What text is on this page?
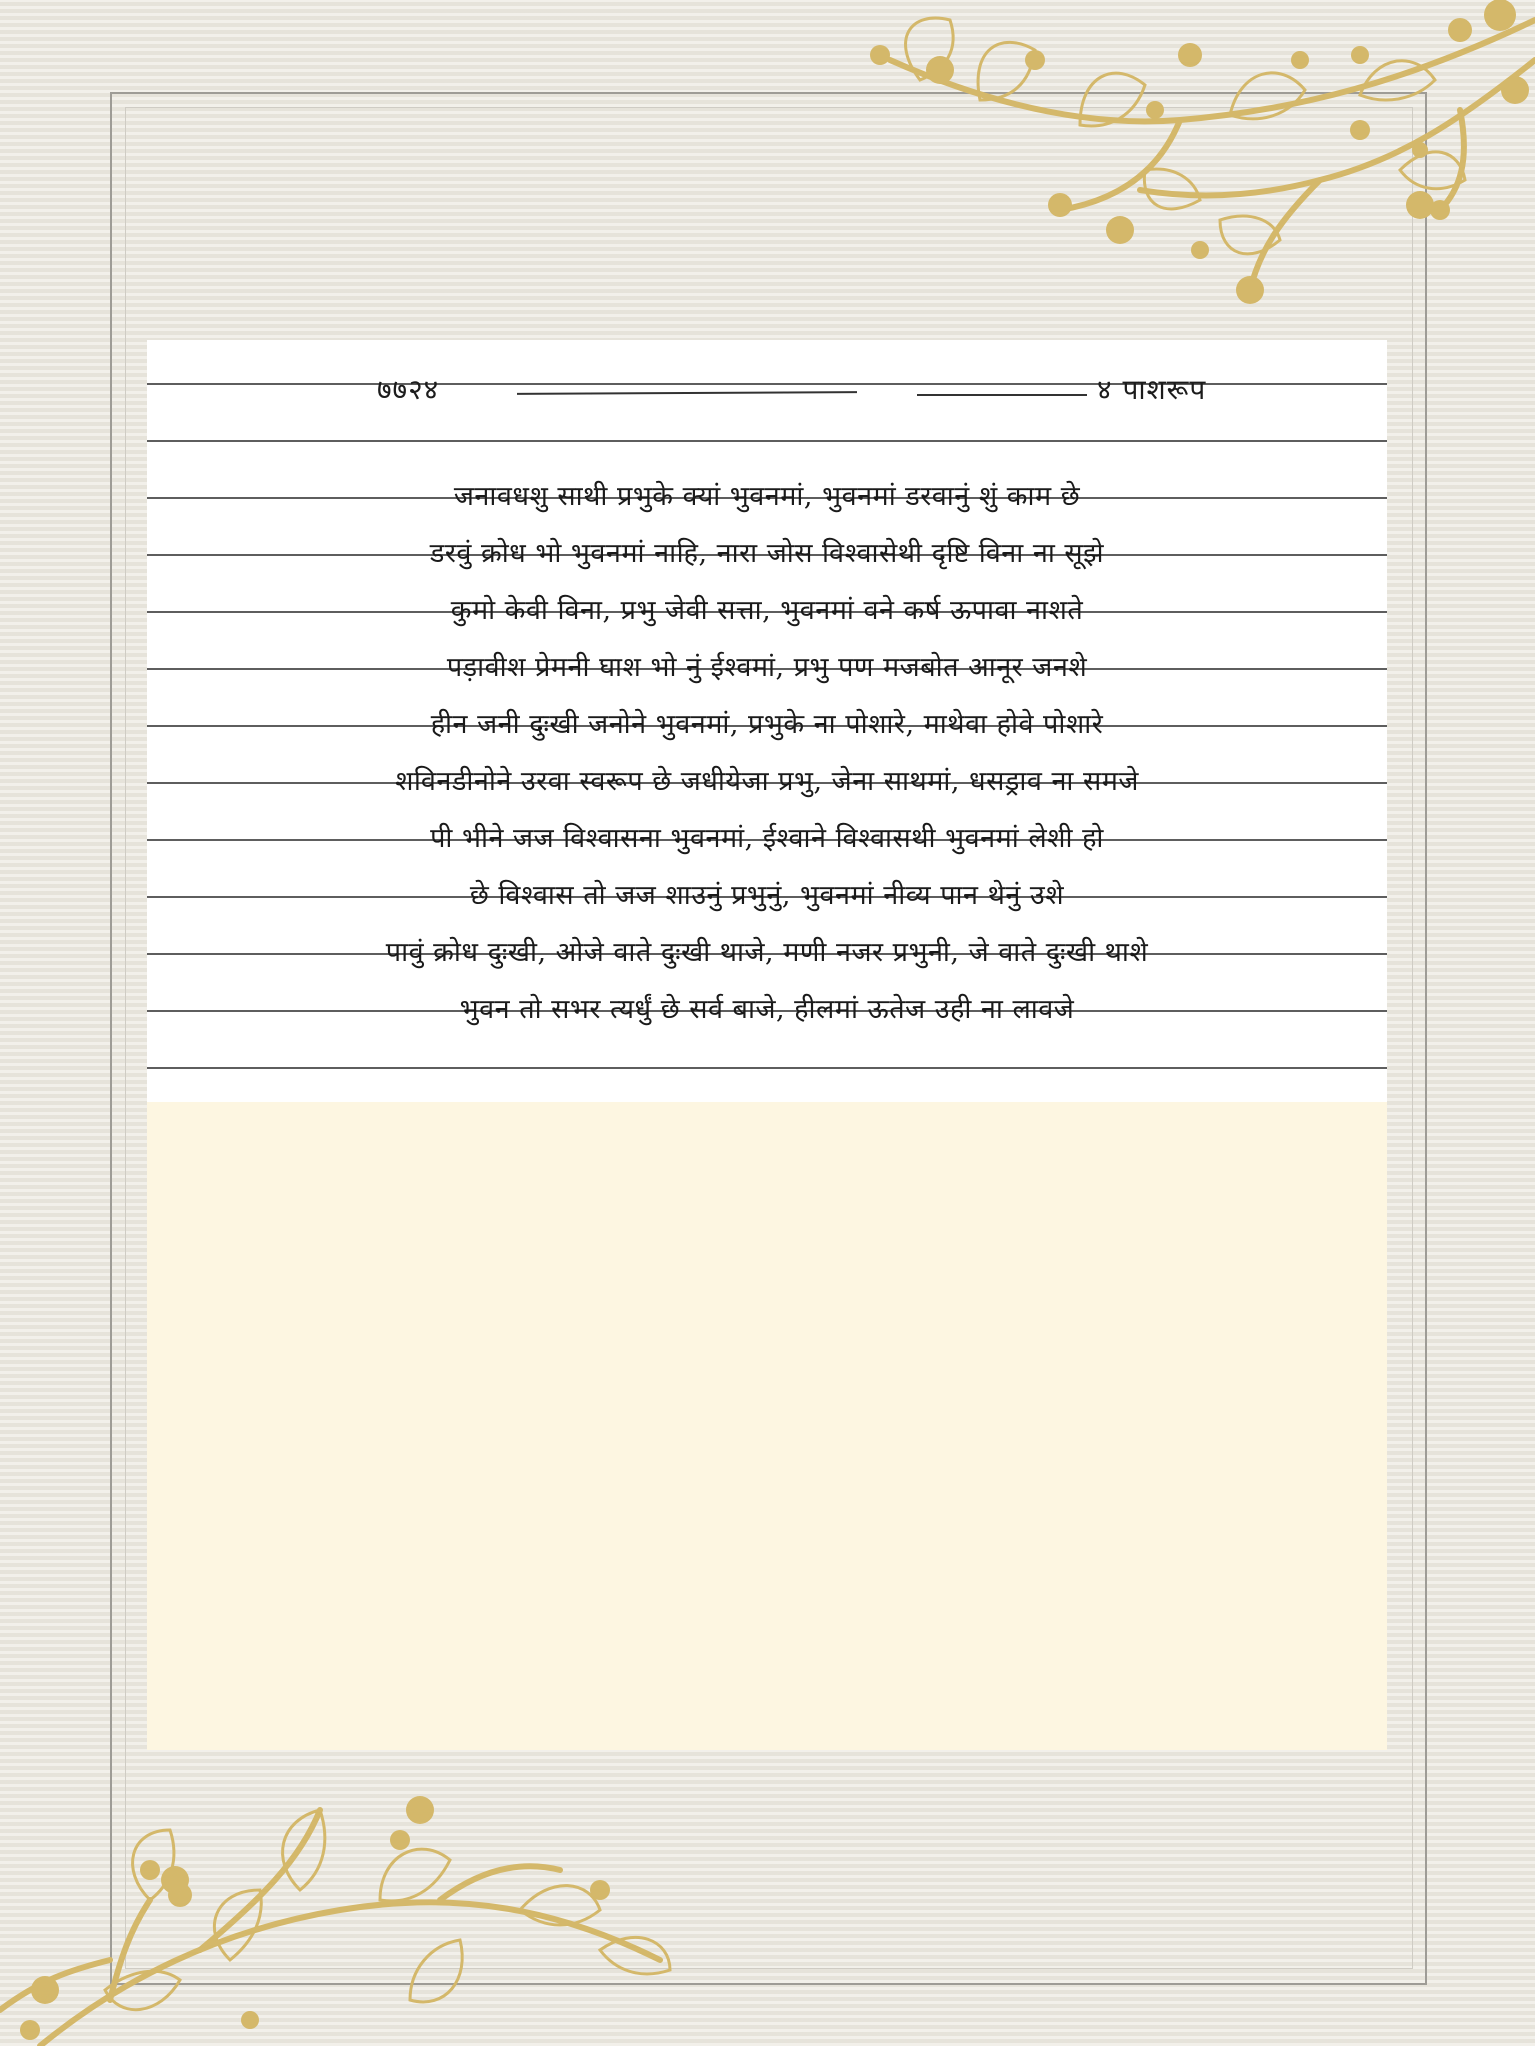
७७२४	४ पाशरूप
जनावधशु साथी प्रभुके क्यां भुवनमां, भुवनमां डरवानुं शुं काम छे
डरवुं क्रोध भो भुवनमां नाहि, नारा जोस विश्वासेथी दृष्टि विना ना सूझे
कुमो केवी विना, प्रभु जेवी सत्ता, भुवनमां वने कर्ष ऊपावा नाशते
पड़ावीश प्रेमनी घाश भो नुं ईश्वमां, प्रभु पण मजबोत आनूर जनशे
हीन जनी दुःखी जनोने भुवनमां, प्रभुके ना पोशारे, माथेवा होवे पोशारे
शविनडीनोने उरवा स्वरूप छे जधीयेजा प्रभु, जेना साथमां, धसड्राव ना समजे
पी भीने जज विश्वासना भुवनमां, ईश्वाने विश्वासथी भुवनमां लेशी हो
छे विश्वास तो जज शाउनुं प्रभुनुं, भुवनमां नीव्य पान थेनुं उशे
पावुं क्रोध दुःखी, ओजे वाते दुःखी थाजे, मणी नजर प्रभुनी, जे वाते दुःखी थाशे
भुवन तो सभर त्यर्धुं छे सर्व बाजे, हीलमां ऊतेज उही ना लावजे
